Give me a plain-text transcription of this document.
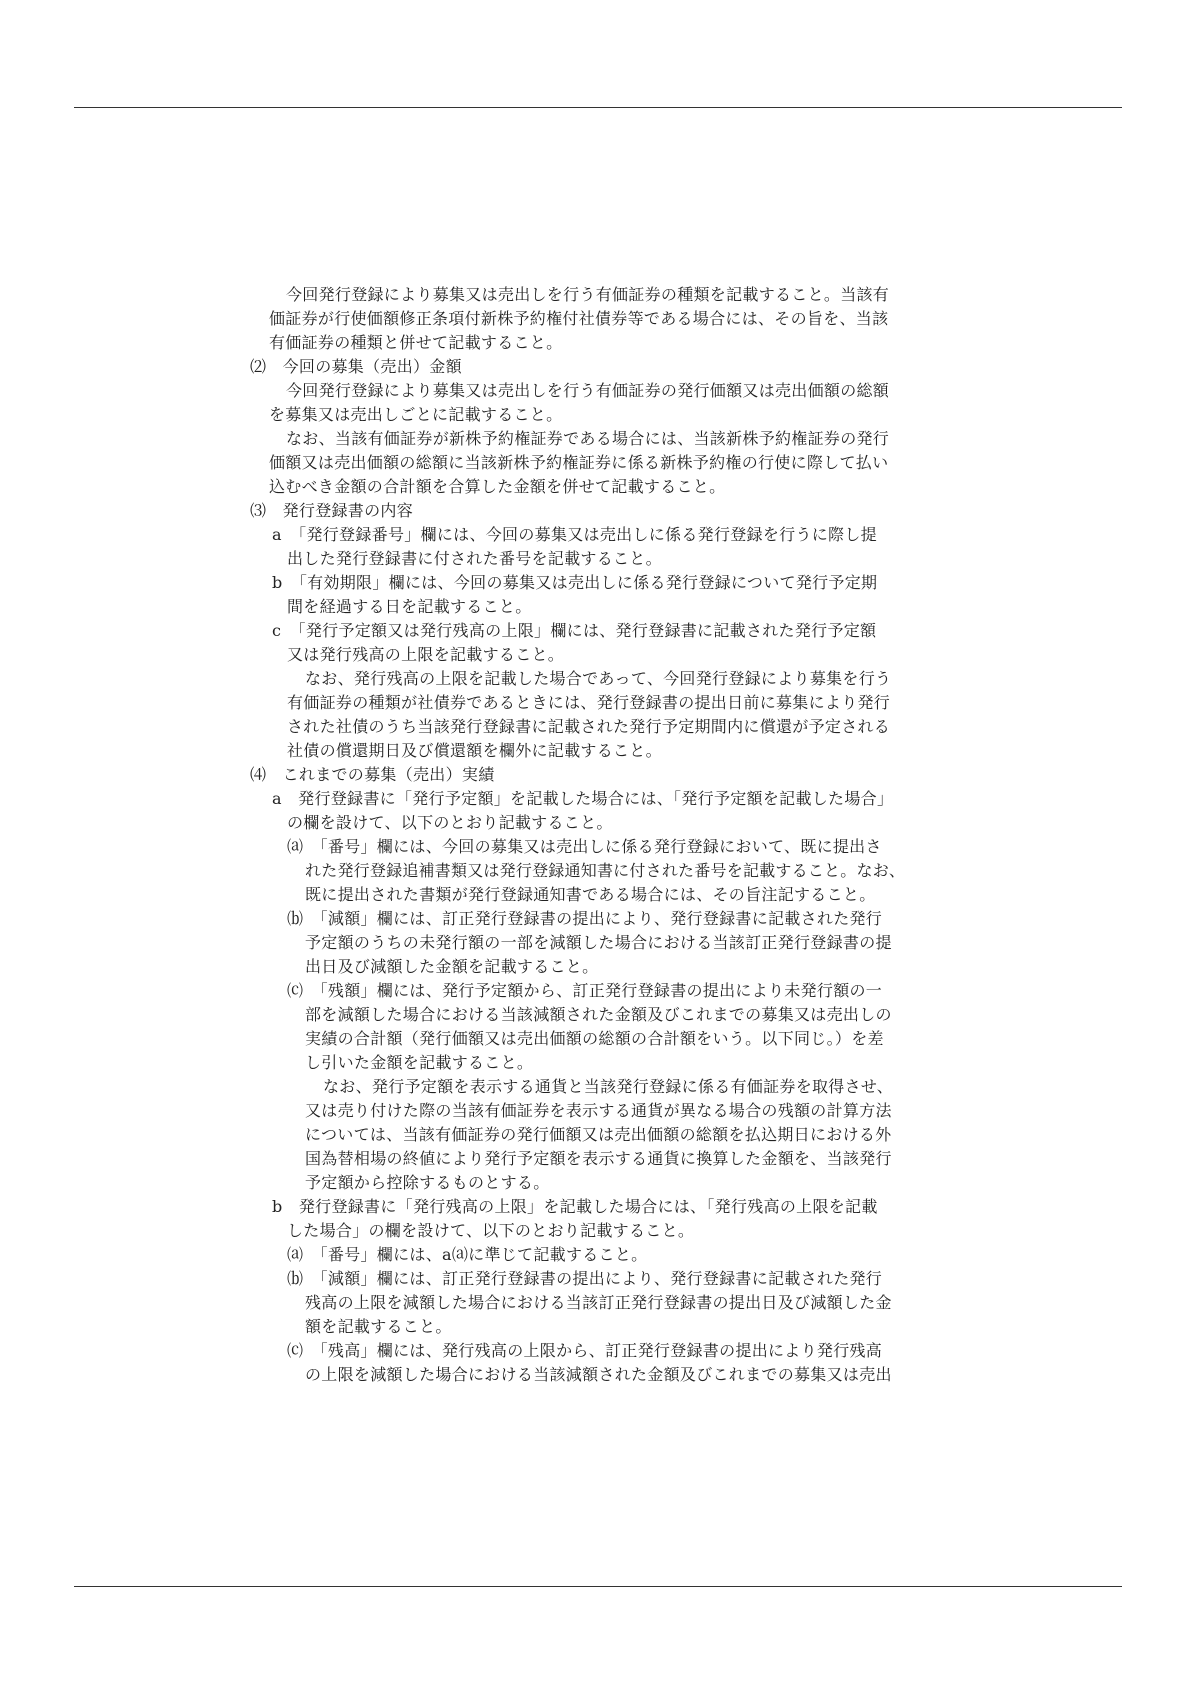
今回発行登録により募集又は売出しを行う有価証券の種類を記載すること。当該有
価証券が行使価額修正条項付新株予約権付社債券等である場合には、その旨を、当該
有価証券の種類と併せて記載すること。
⑵　今回の募集（売出）金額
今回発行登録により募集又は売出しを行う有価証券の発行価額又は売出価額の総額
を募集又は売出しごとに記載すること。
なお、当該有価証券が新株予約権証券である場合には、当該新株予約権証券の発行
価額又は売出価額の総額に当該新株予約権証券に係る新株予約権の行使に際して払い
込むべき金額の合計額を合算した金額を併せて記載すること。
⑶　発行登録書の内容
a　「発行登録番号」欄には、今回の募集又は売出しに係る発行登録を行うに際し提
出した発行登録書に付された番号を記載すること。
b　「有効期限」欄には、今回の募集又は売出しに係る発行登録について発行予定期
間を経過する日を記載すること。
c　「発行予定額又は発行残高の上限」欄には、発行登録書に記載された発行予定額
又は発行残高の上限を記載すること。
なお、発行残高の上限を記載した場合であって、今回発行登録により募集を行う
有価証券の種類が社債券であるときには、発行登録書の提出日前に募集により発行
された社債のうち当該発行登録書に記載された発行予定期間内に償還が予定される
社債の償還期日及び償還額を欄外に記載すること。
⑷　これまでの募集（売出）実績
a　発行登録書に「発行予定額」を記載した場合には、「発行予定額を記載した場合」
の欄を設けて、以下のとおり記載すること。
⒜　「番号」欄には、今回の募集又は売出しに係る発行登録において、既に提出さ
れた発行登録追補書類又は発行登録通知書に付された番号を記載すること。なお、
既に提出された書類が発行登録通知書である場合には、その旨注記すること。
⒝　「減額」欄には、訂正発行登録書の提出により、発行登録書に記載された発行
予定額のうちの未発行額の一部を減額した場合における当該訂正発行登録書の提
出日及び減額した金額を記載すること。
⒞　「残額」欄には、発行予定額から、訂正発行登録書の提出により未発行額の一
部を減額した場合における当該減額された金額及びこれまでの募集又は売出しの
実績の合計額（発行価額又は売出価額の総額の合計額をいう。以下同じ。）を差
し引いた金額を記載すること。
なお、発行予定額を表示する通貨と当該発行登録に係る有価証券を取得させ、
又は売り付けた際の当該有価証券を表示する通貨が異なる場合の残額の計算方法
については、当該有価証券の発行価額又は売出価額の総額を払込期日における外
国為替相場の終値により発行予定額を表示する通貨に換算した金額を、当該発行
予定額から控除するものとする。
b　発行登録書に「発行残高の上限」を記載した場合には、「発行残高の上限を記載
した場合」の欄を設けて、以下のとおり記載すること。
⒜　「番号」欄には、a⒜に準じて記載すること。
⒝　「減額」欄には、訂正発行登録書の提出により、発行登録書に記載された発行
残高の上限を減額した場合における当該訂正発行登録書の提出日及び減額した金
額を記載すること。
⒞　「残高」欄には、発行残高の上限から、訂正発行登録書の提出により発行残高
の上限を減額した場合における当該減額された金額及びこれまでの募集又は売出
